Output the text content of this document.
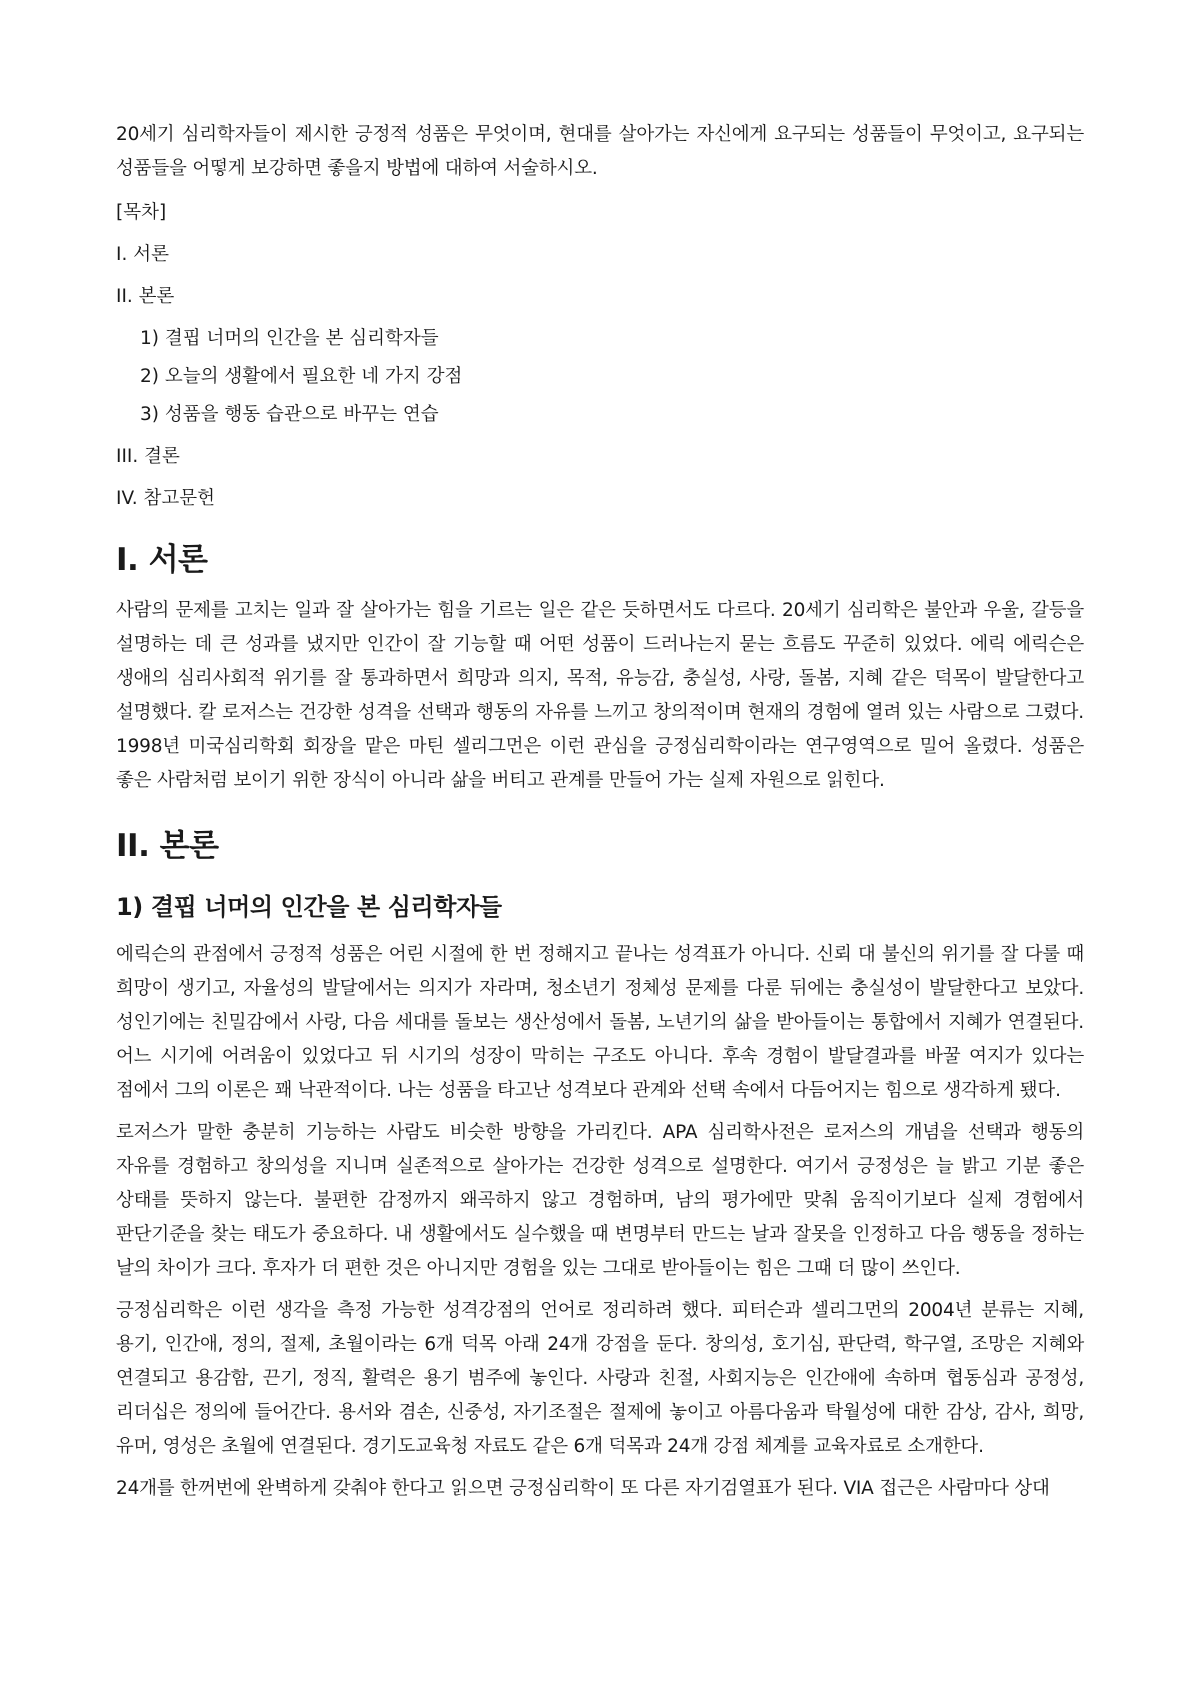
20세기 심리학자들이 제시한 긍정적 성품은 무엇이며, 현대를 살아가는 자신에게 요구되는 성품들이 무엇이고, 요구되는 성품들을 어떻게 보강하면 좋을지 방법에 대하여 서술하시오.

[목차]

I. 서론
II. 본론
1) 결핍 너머의 인간을 본 심리학자들
2) 오늘의 생활에서 필요한 네 가지 강점
3) 성품을 행동 습관으로 바꾸는 연습
III. 결론
IV. 참고문헌
I. 서론

사람의 문제를 고치는 일과 잘 살아가는 힘을 기르는 일은 같은 듯하면서도 다르다. 20세기 심리학은 불안과 우울, 갈등을 설명하는 데 큰 성과를 냈지만 인간이 잘 기능할 때 어떤 성품이 드러나는지 묻는 흐름도 꾸준히 있었다. 에릭 에릭슨은 생애의 심리사회적 위기를 잘 통과하면서 희망과 의지, 목적, 유능감, 충실성, 사랑, 돌봄, 지혜 같은 덕목이 발달한다고 설명했다. 칼 로저스는 건강한 성격을 선택과 행동의 자유를 느끼고 창의적이며 현재의 경험에 열려 있는 사람으로 그렸다. 1998년 미국심리학회 회장을 맡은 마틴 셀리그먼은 이런 관심을 긍정심리학이라는 연구영역으로 밀어 올렸다. 성품은 좋은 사람처럼 보이기 위한 장식이 아니라 삶을 버티고 관계를 만들어 가는 실제 자원으로 읽힌다.

II. 본론
1) 결핍 너머의 인간을 본 심리학자들

에릭슨의 관점에서 긍정적 성품은 어린 시절에 한 번 정해지고 끝나는 성격표가 아니다. 신뢰 대 불신의 위기를 잘 다룰 때 희망이 생기고, 자율성의 발달에서는 의지가 자라며, 청소년기 정체성 문제를 다룬 뒤에는 충실성이 발달한다고 보았다. 성인기에는 친밀감에서 사랑, 다음 세대를 돌보는 생산성에서 돌봄, 노년기의 삶을 받아들이는 통합에서 지혜가 연결된다. 어느 시기에 어려움이 있었다고 뒤 시기의 성장이 막히는 구조도 아니다. 후속 경험이 발달결과를 바꿀 여지가 있다는 점에서 그의 이론은 꽤 낙관적이다. 나는 성품을 타고난 성격보다 관계와 선택 속에서 다듬어지는 힘으로 생각하게 됐다.

로저스가 말한 충분히 기능하는 사람도 비슷한 방향을 가리킨다. APA 심리학사전은 로저스의 개념을 선택과 행동의 자유를 경험하고 창의성을 지니며 실존적으로 살아가는 건강한 성격으로 설명한다. 여기서 긍정성은 늘 밝고 기분 좋은 상태를 뜻하지 않는다. 불편한 감정까지 왜곡하지 않고 경험하며, 남의 평가에만 맞춰 움직이기보다 실제 경험에서 판단기준을 찾는 태도가 중요하다. 내 생활에서도 실수했을 때 변명부터 만드는 날과 잘못을 인정하고 다음 행동을 정하는 날의 차이가 크다. 후자가 더 편한 것은 아니지만 경험을 있는 그대로 받아들이는 힘은 그때 더 많이 쓰인다.

긍정심리학은 이런 생각을 측정 가능한 성격강점의 언어로 정리하려 했다. 피터슨과 셀리그먼의 2004년 분류는 지혜, 용기, 인간애, 정의, 절제, 초월이라는 6개 덕목 아래 24개 강점을 둔다. 창의성, 호기심, 판단력, 학구열, 조망은 지혜와 연결되고 용감함, 끈기, 정직, 활력은 용기 범주에 놓인다. 사랑과 친절, 사회지능은 인간애에 속하며 협동심과 공정성, 리더십은 정의에 들어간다. 용서와 겸손, 신중성, 자기조절은 절제에 놓이고 아름다움과 탁월성에 대한 감상, 감사, 희망, 유머, 영성은 초월에 연결된다. 경기도교육청 자료도 같은 6개 덕목과 24개 강점 체계를 교육자료로 소개한다.

24개를 한꺼번에 완벽하게 갖춰야 한다고 읽으면 긍정심리학이 또 다른 자기검열표가 된다. VIA 접근은 사람마다 상대
